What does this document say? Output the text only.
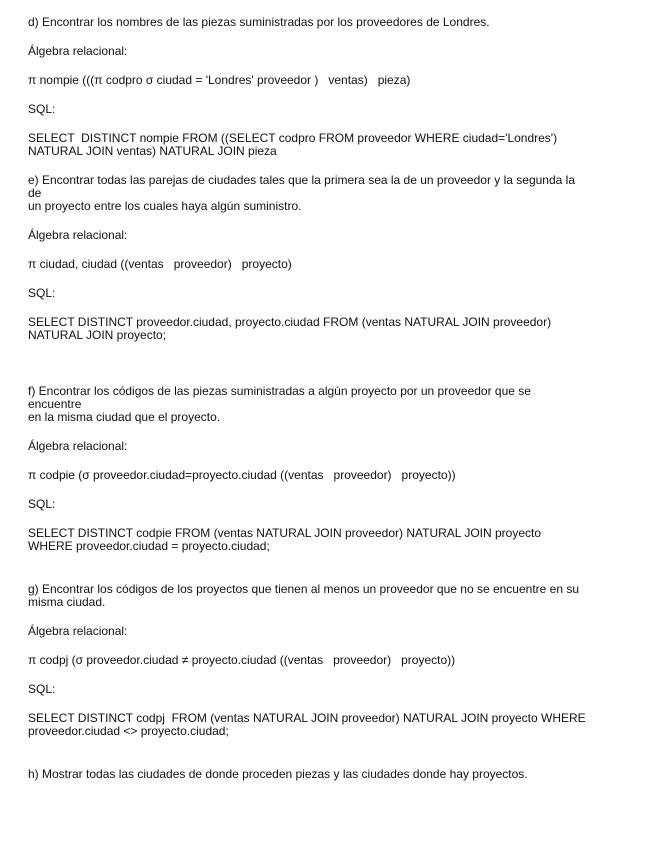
d) Encontrar los nombres de las piezas suministradas por los proveedores de Londres.

Álgebra relacional:

π nompie (((π codpro σ ciudad = 'Londres' proveedor )   ventas)   pieza)

SQL:

SELECT  DISTINCT nompie FROM ((SELECT codpro FROM proveedor WHERE ciudad='Londres')

NATURAL JOIN ventas) NATURAL JOIN pieza

e) Encontrar todas las parejas de ciudades tales que la primera sea la de un proveedor y la segunda la

de

un proyecto entre los cuales haya algún suministro.

Álgebra relacional:

π ciudad, ciudad ((ventas   proveedor)   proyecto)

SQL:

SELECT DISTINCT proveedor.ciudad, proyecto.ciudad FROM (ventas NATURAL JOIN proveedor)

NATURAL JOIN proyecto;

f) Encontrar los códigos de las piezas suministradas a algún proyecto por un proveedor que se

encuentre

en la misma ciudad que el proyecto.

Álgebra relacional:

π codpie (σ proveedor.ciudad=proyecto.ciudad ((ventas   proveedor)   proyecto))

SQL:

SELECT DISTINCT codpie FROM (ventas NATURAL JOIN proveedor) NATURAL JOIN proyecto

WHERE proveedor.ciudad = proyecto.ciudad;

g) Encontrar los códigos de los proyectos que tienen al menos un proveedor que no se encuentre en su

misma ciudad.

Álgebra relacional:

π codpj (σ proveedor.ciudad ≠ proyecto.ciudad ((ventas   proveedor)   proyecto))

SQL:

SELECT DISTINCT codpj  FROM (ventas NATURAL JOIN proveedor) NATURAL JOIN proyecto WHERE

proveedor.ciudad <> proyecto.ciudad;

h) Mostrar todas las ciudades de donde proceden piezas y las ciudades donde hay proyectos.
